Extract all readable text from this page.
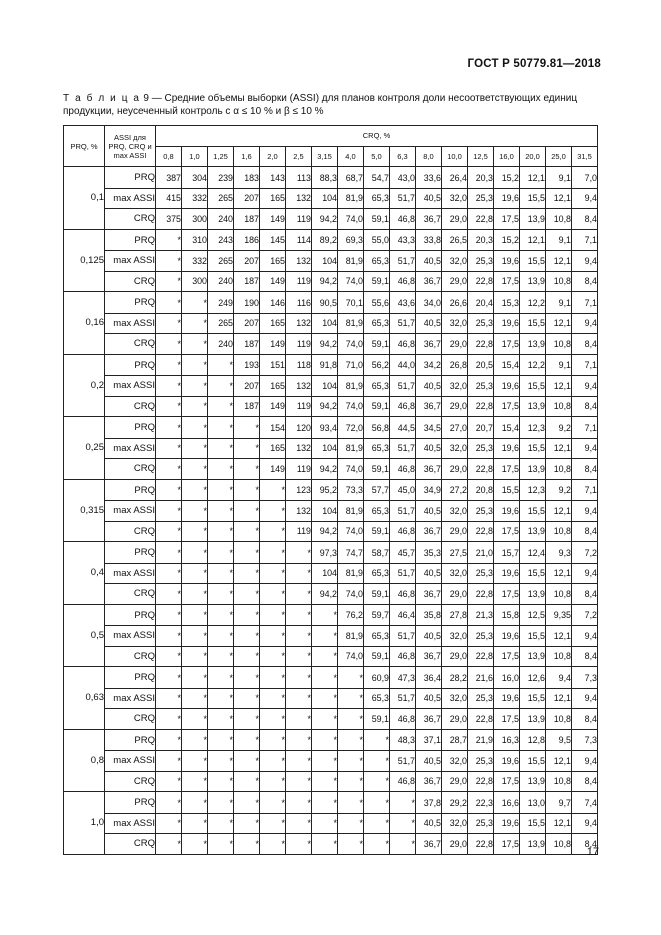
ГОСТ Р 50779.81—2018
Т а б л и ц а 9 — Средние объемы выборки (ASSI) для планов контроля доли несоответствующих единиц продукции, неуcеченный контроль с α ≤ 10 % и β ≤ 10 %
PRQ, %	ASSI для PRQ, CRQ и max ASSI	CRQ, %																
		0,8	1,0	1,25	1,6	2,0	2,5	3,15	4,0	5,0	6,3	8,0	10,0	12,5	16,0	20,0	25,0	31,5
0,1	PRQ	387	304	239	183	143	113	88,3	68,7	54,7	43,0	33,6	26,4	20,3	15,2	12,1	9,1	7,0
	max ASSI	415	332	265	207	165	132	104	81,9	65,3	51,7	40,5	32,0	25,3	19,6	15,5	12,1	9,4
	CRQ	375	300	240	187	149	119	94,2	74,0	59,1	46,8	36,7	29,0	22,8	17,5	13,9	10,8	8,4
0,125	PRQ	*	310	243	186	145	114	89,2	69,3	55,0	43,3	33,8	26,5	20,3	15,2	12,1	9,1	7,1
	max ASSI	*	332	265	207	165	132	104	81,9	65,3	51,7	40,5	32,0	25,3	19,6	15,5	12,1	9,4
	CRQ	*	300	240	187	149	119	94,2	74,0	59,1	46,8	36,7	29,0	22,8	17,5	13,9	10,8	8,4
0,16	PRQ	*	*	249	190	146	116	90,5	70,1	55,6	43,6	34,0	26,6	20,4	15,3	12,2	9,1	7,1
	max ASSI	*	*	265	207	165	132	104	81,9	65,3	51,7	40,5	32,0	25,3	19,6	15,5	12,1	9,4
	CRQ	*	*	240	187	149	119	94,2	74,0	59,1	46,8	36,7	29,0	22,8	17,5	13,9	10,8	8,4
0,2	PRQ	*	*	*	193	151	118	91,8	71,0	56,2	44,0	34,2	26,8	20,5	15,4	12,2	9,1	7,1
	max ASSI	*	*	*	207	165	132	104	81,9	65,3	51,7	40,5	32,0	25,3	19,6	15,5	12,1	9,4
	CRQ	*	*	*	187	149	119	94,2	74,0	59,1	46,8	36,7	29,0	22,8	17,5	13,9	10,8	8,4
0,25	PRQ	*	*	*	*	154	120	93,4	72,0	56,8	44,5	34,5	27,0	20,7	15,4	12,3	9,2	7,1
	max ASSI	*	*	*	*	165	132	104	81,9	65,3	51,7	40,5	32,0	25,3	19,6	15,5	12,1	9,4
	CRQ	*	*	*	*	149	119	94,2	74,0	59,1	46,8	36,7	29,0	22,8	17,5	13,9	10,8	8,4
0,315	PRQ	*	*	*	*	*	123	95,2	73,3	57,7	45,0	34,9	27,2	20,8	15,5	12,3	9,2	7,1
	max ASSI	*	*	*	*	*	132	104	81,9	65,3	51,7	40,5	32,0	25,3	19,6	15,5	12,1	9,4
	CRQ	*	*	*	*	*	119	94,2	74,0	59,1	46,8	36,7	29,0	22,8	17,5	13,9	10,8	8,4
0,4	PRQ	*	*	*	*	*	*	97,3	74,7	58,7	45,7	35,3	27,5	21,0	15,7	12,4	9,3	7,2
	max ASSI	*	*	*	*	*	*	104	81,9	65,3	51,7	40,5	32,0	25,3	19,6	15,5	12,1	9,4
	CRQ	*	*	*	*	*	*	94,2	74,0	59,1	46,8	36,7	29,0	22,8	17,5	13,9	10,8	8,4
0,5	PRQ	*	*	*	*	*	*	*	76,2	59,7	46,4	35,8	27,8	21,3	15,8	12,5	9,35	7,2
	max ASSI	*	*	*	*	*	*	*	81,9	65,3	51,7	40,5	32,0	25,3	19,6	15,5	12,1	9,4
	CRQ	*	*	*	*	*	*	*	74,0	59,1	46,8	36,7	29,0	22,8	17,5	13,9	10,8	8,4
0,63	PRQ	*	*	*	*	*	*	*	*	60,9	47,3	36,4	28,2	21,6	16,0	12,6	9,4	7,3
	max ASSI	*	*	*	*	*	*	*	*	65,3	51,7	40,5	32,0	25,3	19,6	15,5	12,1	9,4
	CRQ	*	*	*	*	*	*	*	*	59,1	46,8	36,7	29,0	22,8	17,5	13,9	10,8	8,4
0,8	PRQ	*	*	*	*	*	*	*	*	*	48,3	37,1	28,7	21,9	16,3	12,8	9,5	7,3
	max ASSI	*	*	*	*	*	*	*	*	*	51,7	40,5	32,0	25,3	19,6	15,5	12,1	9,4
	CRQ	*	*	*	*	*	*	*	*	*	46,8	36,7	29,0	22,8	17,5	13,9	10,8	8,4
1,0	PRQ	*	*	*	*	*	*	*	*	*	*	37,8	29,2	22,3	16,6	13,0	9,7	7,4
	max ASSI	*	*	*	*	*	*	*	*	*	*	40,5	32,0	25,3	19,6	15,5	12,1	9,4
	CRQ	*	*	*	*	*	*	*	*	*	*	36,7	29,0	22,8	17,5	13,9	10,8	8,4
17
